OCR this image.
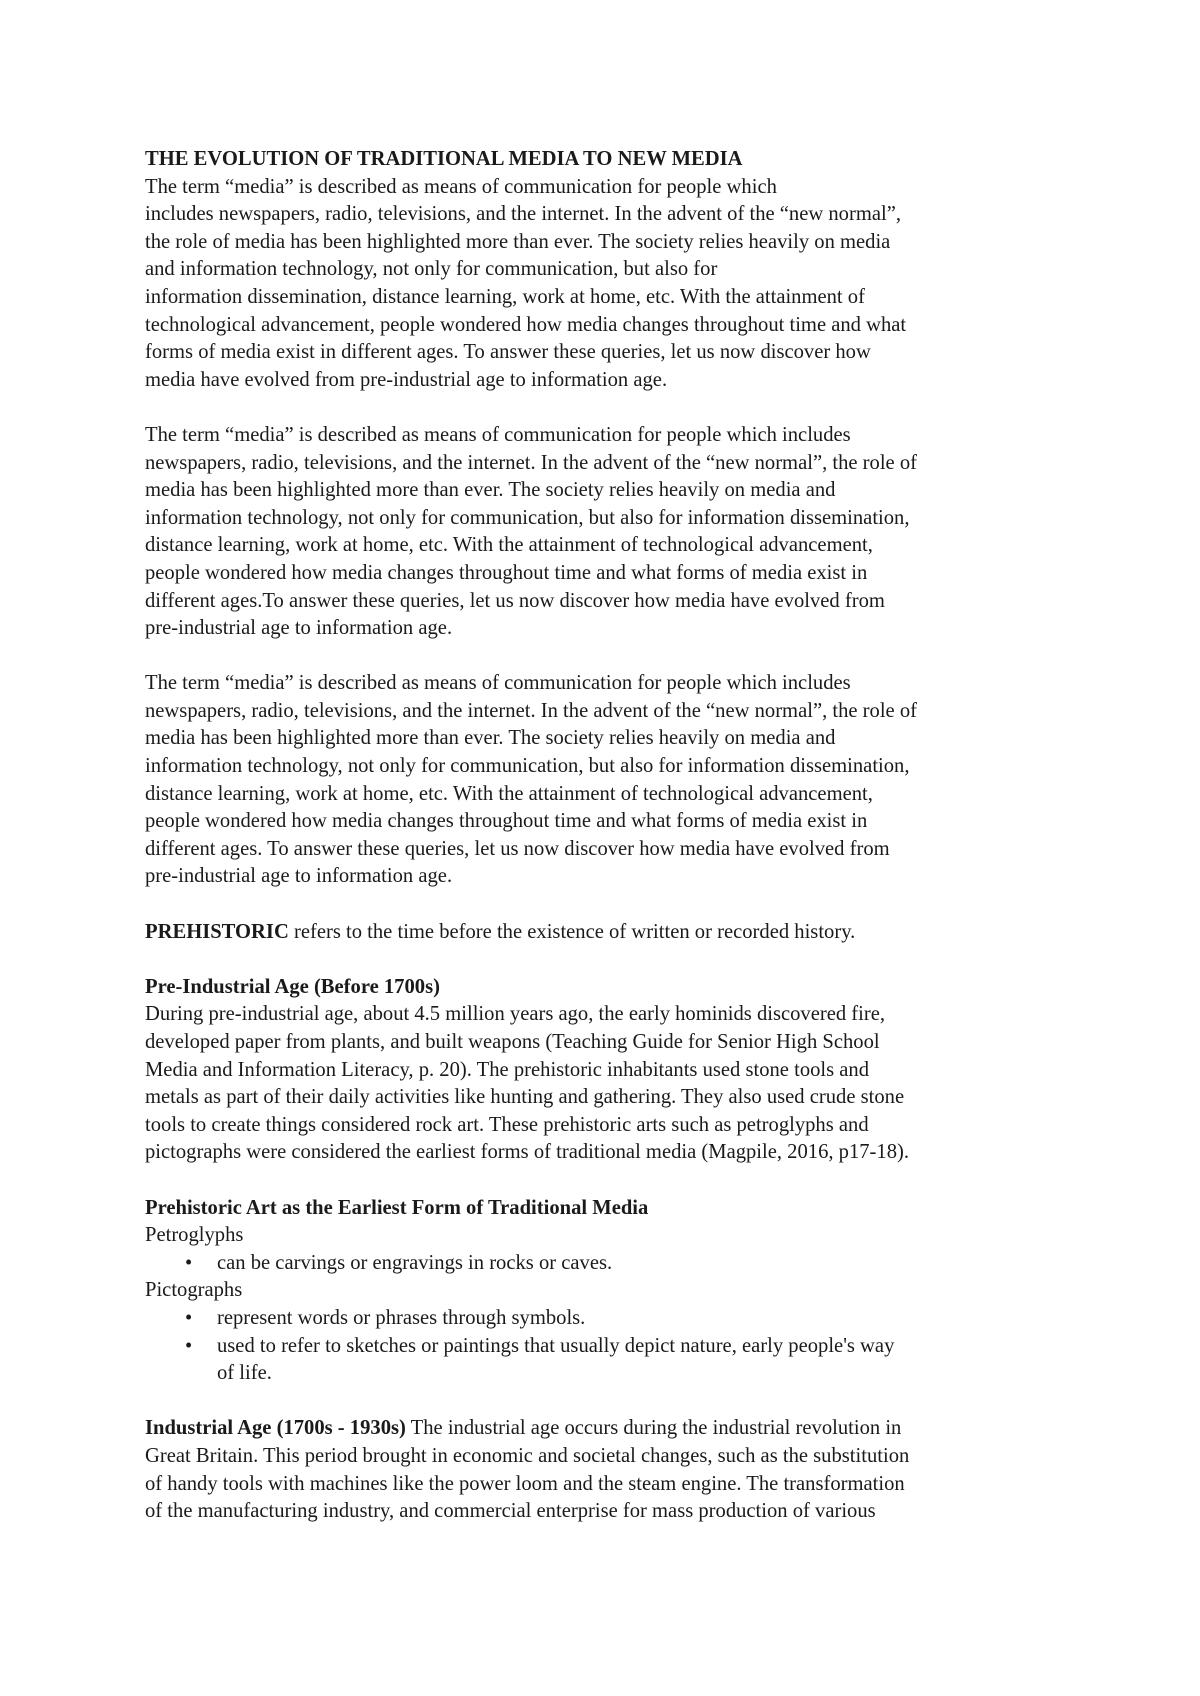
THE EVOLUTION OF TRADITIONAL MEDIA TO NEW MEDIA

The term “media” is described as means of communication for people which
includes newspapers, radio, televisions, and the internet. In the advent of the “new normal”,
the role of media has been highlighted more than ever. The society relies heavily on media
and information technology, not only for communication, but also for
information dissemination, distance learning, work at home, etc. With the attainment of
technological advancement, people wondered how media changes throughout time and what
forms of media exist in different ages. To answer these queries, let us now discover how
media have evolved from pre-industrial age to information age.
The term “media” is described as means of communication for people which includes
newspapers, radio, televisions, and the internet. In the advent of the “new normal”, the role of
media has been highlighted more than ever. The society relies heavily on media and
information technology, not only for communication, but also for information dissemination,
distance learning, work at home, etc. With the attainment of technological advancement,
people wondered how media changes throughout time and what forms of media exist in
different ages.To answer these queries, let us now discover how media have evolved from
pre-industrial age to information age.
The term “media” is described as means of communication for people which includes
newspapers, radio, televisions, and the internet. In the advent of the “new normal”, the role of
media has been highlighted more than ever. The society relies heavily on media and
information technology, not only for communication, but also for information dissemination,
distance learning, work at home, etc. With the attainment of technological advancement,
people wondered how media changes throughout time and what forms of media exist in
different ages. To answer these queries, let us now discover how media have evolved from
pre-industrial age to information age.

PREHISTORIC refers to the time before the existence of written or recorded history.

Pre-Industrial Age (Before 1700s)

During pre-industrial age, about 4.5 million years ago, the early hominids discovered fire,
developed paper from plants, and built weapons (Teaching Guide for Senior High School
Media and Information Literacy, p. 20). The prehistoric inhabitants used stone tools and
metals as part of their daily activities like hunting and gathering. They also used crude stone
tools to create things considered rock art. These prehistoric arts such as petroglyphs and
pictographs were considered the earliest forms of traditional media (Magpile, 2016, p17-18).

Prehistoric Art as the Earliest Form of Traditional Media

Petroglyphs

• can be carvings or engravings in rocks or caves.

Pictographs

• represent words or phrases through symbols.
• used to refer to sketches or paintings that usually depict nature, early people's way of life.
Industrial Age (1700s - 1930s) The industrial age occurs during the industrial revolution in
Great Britain. This period brought in economic and societal changes, such as the substitution
of handy tools with machines like the power loom and the steam engine. The transformation
of the manufacturing industry, and commercial enterprise for mass production of various
